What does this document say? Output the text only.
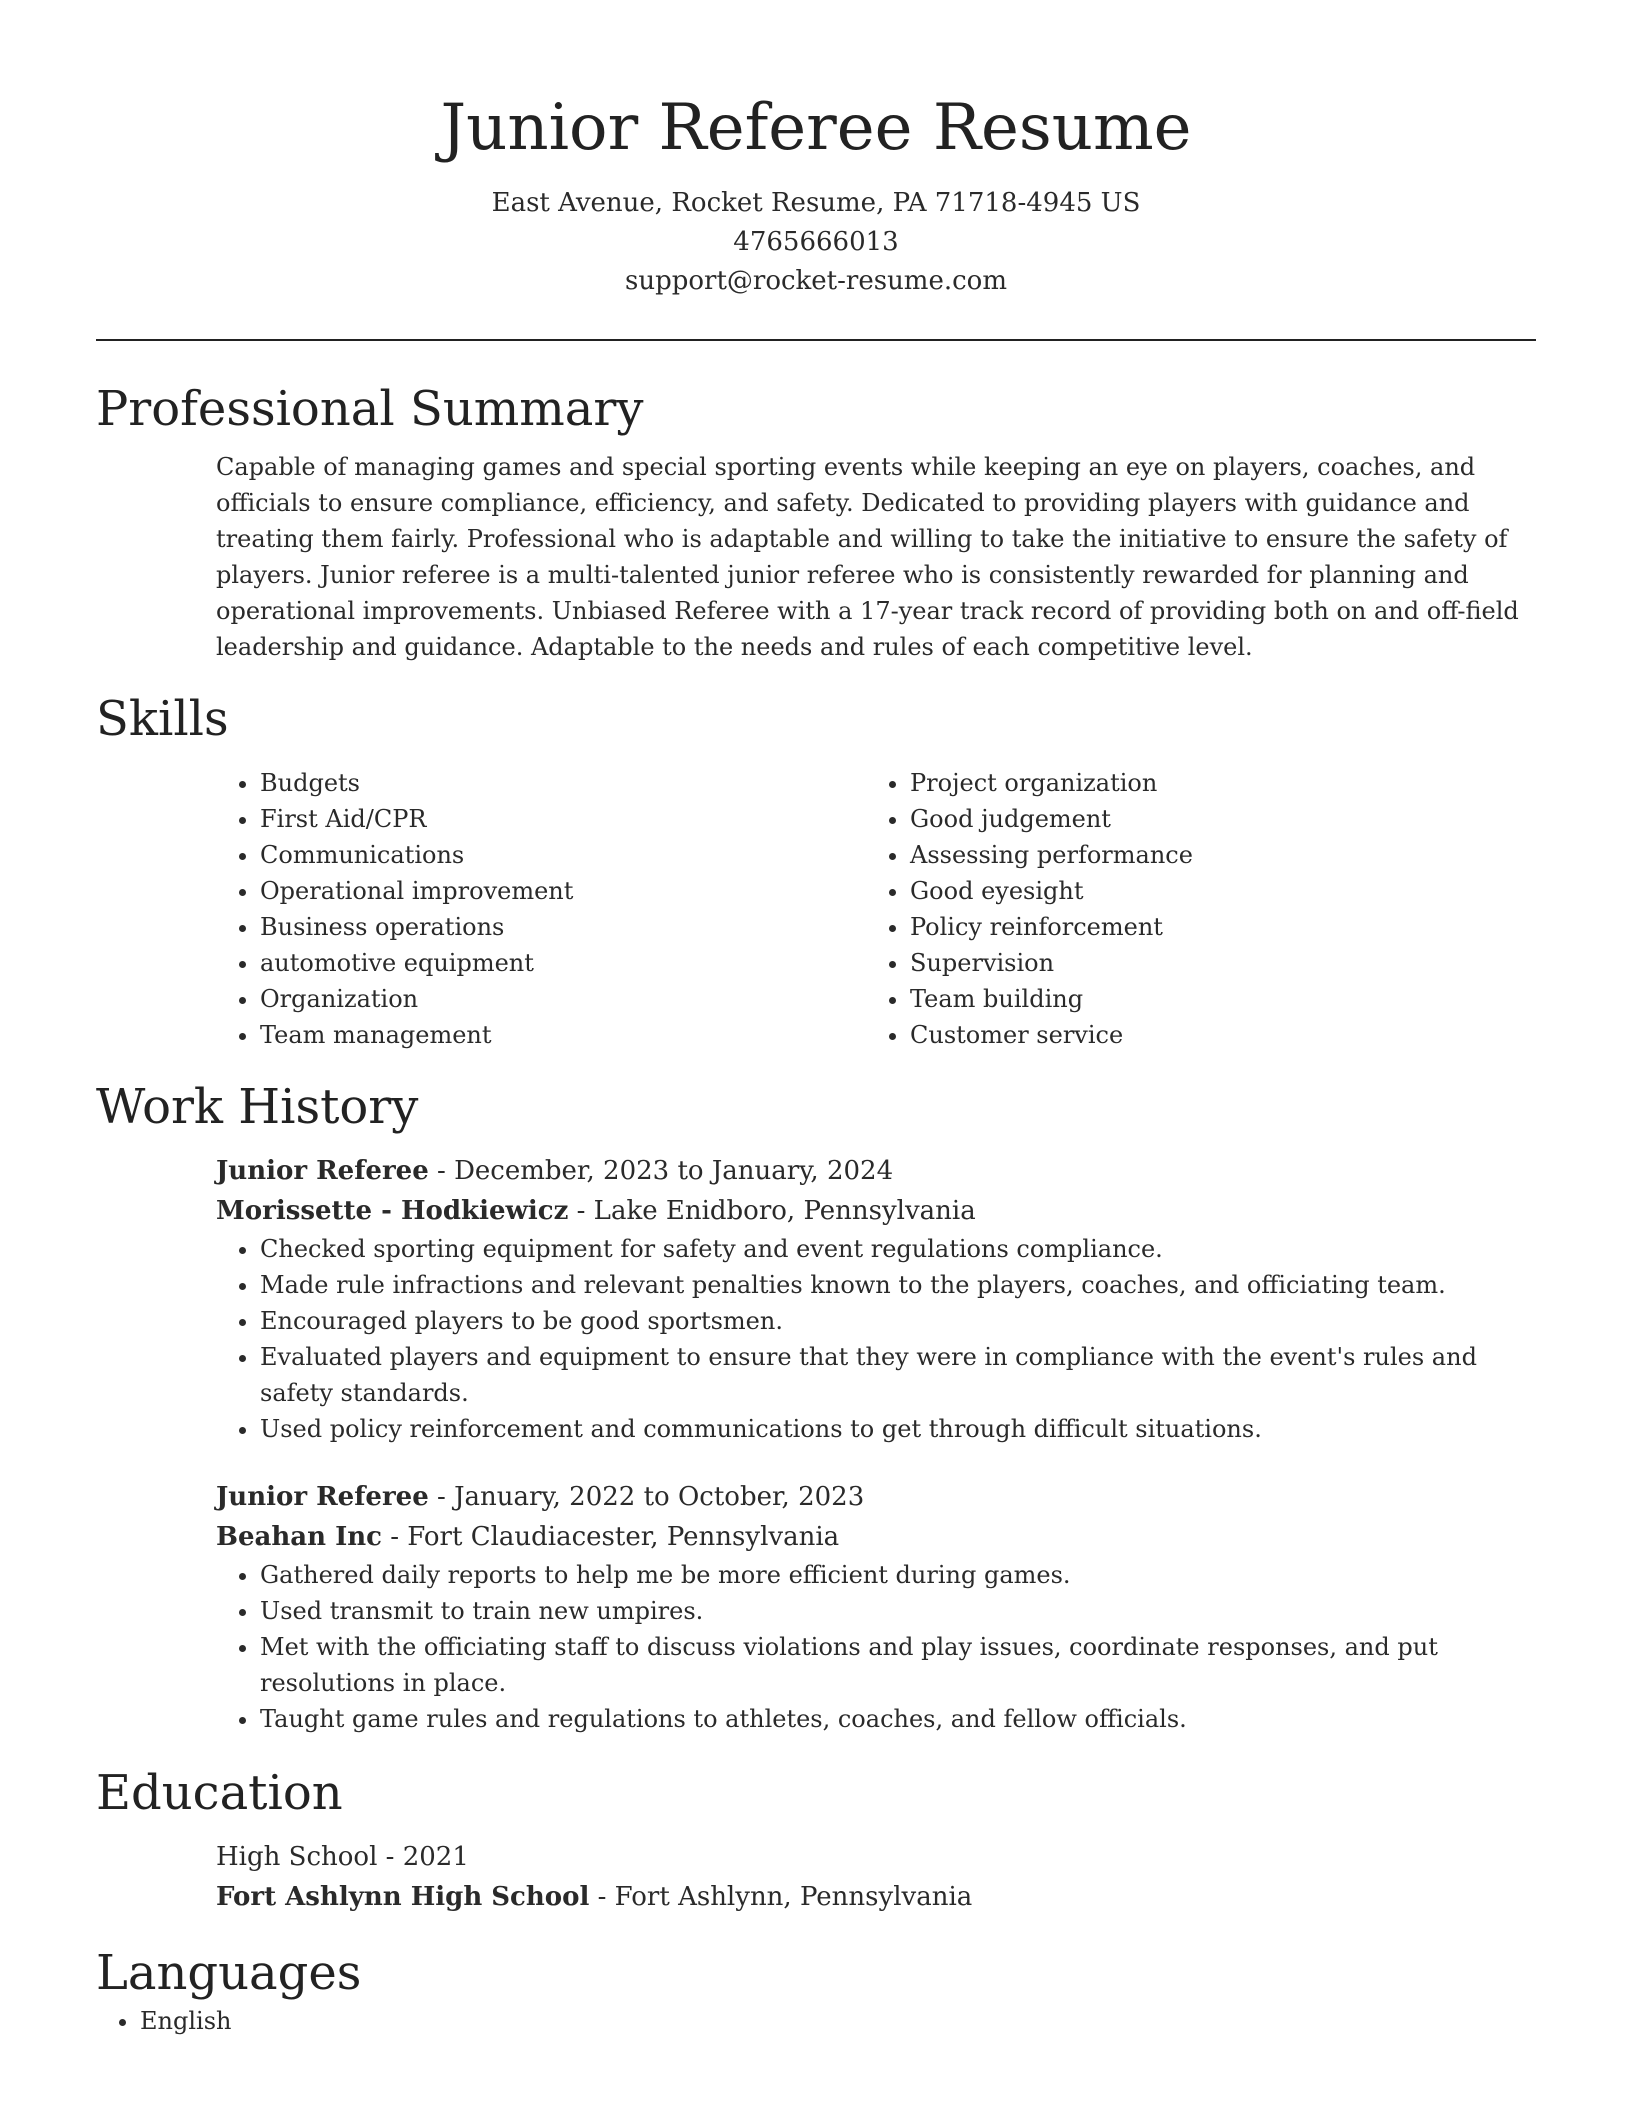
Junior Referee Resume
East Avenue, Rocket Resume, PA 71718-4945 US
4765666013
support@rocket-resume.com
Professional Summary

Capable of managing games and special sporting events while keeping an eye on players, coaches, and officials to ensure compliance, efficiency, and safety. Dedicated to providing players with guidance and treating them fairly. Professional who is adaptable and willing to take the initiative to ensure the safety of players. Junior referee is a multi-talented junior referee who is consistently rewarded for planning and operational improvements. Unbiased Referee with a 17-year track record of providing both on and off-field leadership and guidance. Adaptable to the needs and rules of each competitive level.

Skills
• Budgets
• First Aid/CPR
• Communications
• Operational improvement
• Business operations
• automotive equipment
• Organization
• Team management
• Project organization
• Good judgement
• Assessing performance
• Good eyesight
• Policy reinforcement
• Supervision
• Team building
• Customer service
Work History
Junior Referee - December, 2023 to January, 2024
Morissette - Hodkiewicz - Lake Enidboro, Pennsylvania
• Checked sporting equipment for safety and event regulations compliance.
• Made rule infractions and relevant penalties known to the players, coaches, and officiating team.
• Encouraged players to be good sportsmen.
• Evaluated players and equipment to ensure that they were in compliance with the event's rules and safety standards.
• Used policy reinforcement and communications to get through difficult situations.
Junior Referee - January, 2022 to October, 2023
Beahan Inc - Fort Claudiacester, Pennsylvania
• Gathered daily reports to help me be more efficient during games.
• Used transmit to train new umpires.
• Met with the officiating staff to discuss violations and play issues, coordinate responses, and put resolutions in place.
• Taught game rules and regulations to athletes, coaches, and fellow officials.
Education
High School - 2021
Fort Ashlynn High School - Fort Ashlynn, Pennsylvania
Languages
• English
